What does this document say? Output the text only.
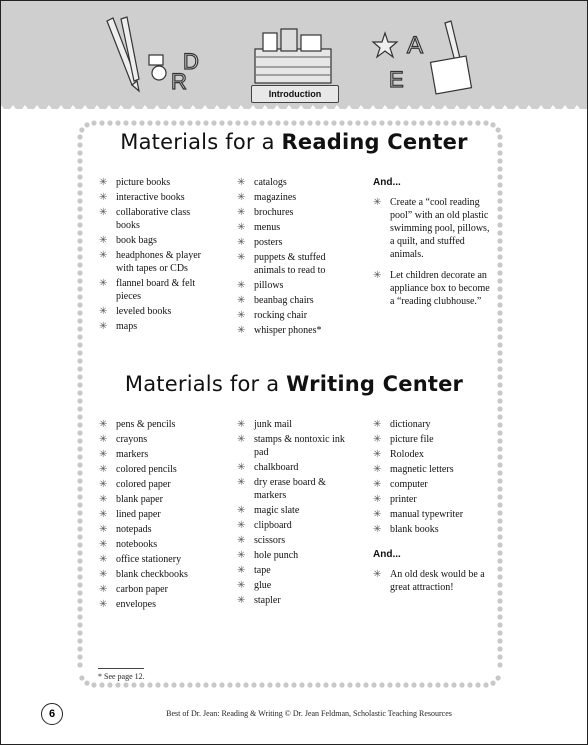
D
R
A
E
Introduction
Materials for a Reading Center
✳ picture books
✳ interactive books
✳ collaborative class books
✳ book bags
✳ headphones & player with tapes or CDs
✳ flannel board & felt pieces
✳ leveled books
✳ maps
✳ catalogs
✳ magazines
✳ brochures
✳ menus
✳ posters
✳ puppets & stuffed animals to read to
✳ pillows
✳ beanbag chairs
✳ rocking chair
✳ whisper phones*
And...
✳ Create a “cool reading pool” with an old plastic swimming pool, pillows, a quilt, and stuffed animals.
✳ Let children decorate an appliance box to become a “reading clubhouse.”
Materials for a Writing Center
✳ pens & pencils
✳ crayons
✳ markers
✳ colored pencils
✳ colored paper
✳ blank paper
✳ lined paper
✳ notepads
✳ notebooks
✳ office stationery
✳ blank checkbooks
✳ carbon paper
✳ envelopes
✳ junk mail
✳ stamps & nontoxic ink pad
✳ chalkboard
✳ dry erase board & markers
✳ magic slate
✳ clipboard
✳ scissors
✳ hole punch
✳ tape
✳ glue
✳ stapler
✳ dictionary
✳ picture file
✳ Rolodex
✳ magnetic letters
✳ computer
✳ printer
✳ manual typewriter
✳ blank books
And...
✳ An old desk would be a great attraction!
* See page 12.
6	Best of Dr. Jean: Reading & Writing © Dr. Jean Feldman, Scholastic Teaching Resources
